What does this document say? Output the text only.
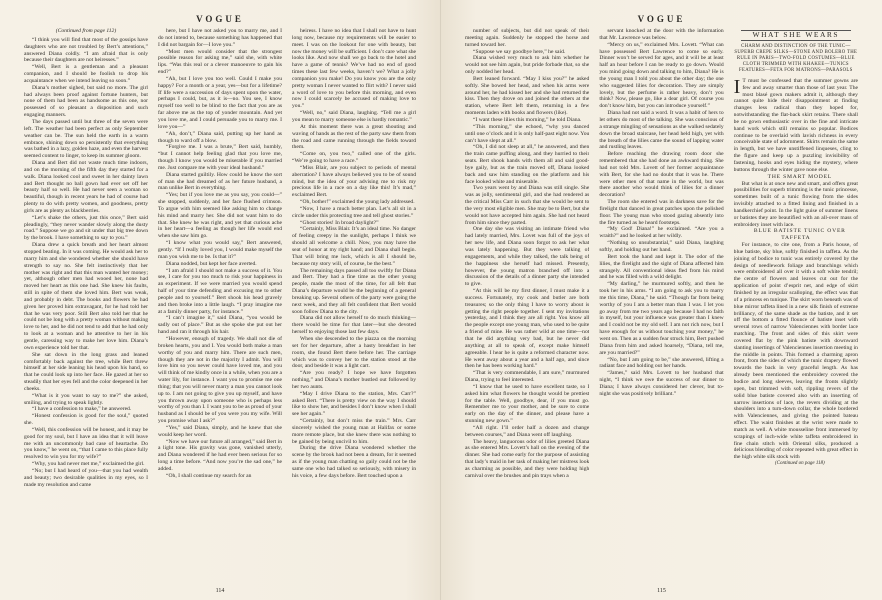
VOGUE

(Continued from page 112)

“I think you will find that most of the gossips have daughters who are not troubled by Bert’s attentions,” answered Diana coldly. “I am afraid that is only because their daughters are not heiresses.”

“Well, Bert is a gentleman and a pleasant companion, and I should be foolish to drop his acquaintance when we intend leaving so soon.”

Diana’s mother sighed, but said no more. The girl had always been proof against fortune hunters, but none of them had been as handsome as this one, nor possessed of so pleasant a disposition and such engaging manners.

The days passed until but three of the seven were left. The weather had been perfect as only September weather can be. The sun held the earth in a warm embrace, shining down so persistently that everything was bathed in a lazy, golden haze, and even the harvest seemed content to linger, to keep its summer gloom.

Diana and Bert did not waste much time indoors, and on the morning of the fifth day they started for a walk. Diana looked cool and sweet in her dainty lawn and Bert thought no ball gown had ever set off her beauty half so well. He had never seen a woman so beautiful, though in recent years he had of course had plenty to do with pretty women, and goodness, pretty girls are as plenty as blackberries.

“Let’s shake the others, just this once,” Bert said pleadingly, “they never wander slowly along the dusty road.” Suppose we go and sit under that big tree down by the brook. I have something to say to you.”

Diana drew a quick breath and her heart almost stopped beating. In it was coming. He would ask her to marry him and she wondered whether she should have strength to say no. She felt instinctively that her mother was right and that this man wanted her money; yet, although other men had wooed her, none had moved her heart as this one had. She knew his faults, still in spite of them she loved him. Bert was weak, and probably in debt. The books and flowers he had given her proved him extravagant, for he had told her that he was very poor. Still Bert also told her that he could not be long with a pretty woman without making love to her, and he did not tend to add that he had only to look at a woman and he attentive to her in his gentle, caressing way to make her love him. Diana’s own experience told her that.

She sat down in the long grass and leaned comfortably back against the tree, while Bert threw himself at her side leaning his head upon his hand, so that he could look up into her face. He gazed at her so steadily that her eyes fell and the color deepened in her cheeks.

“What is it you want to say to me?” she asked, smiling, and trying to speak lightly.

“I have a confession to make,” he answered.

“Honest confession is good for the soul,” quoted she.

“Well, this confession will be honest, and it may be good for my soul, but I have an idea that it will leave me with an uncommonly bad case of heartache. Do you know,” he went on, “that I came to this place fully resolved to win you for my wife?”

“Why, you had never met me,” exclaimed the girl.

“No; but I had heard of you—that you had wealth and beauty; two desirable qualities in my eyes, so I made my resolution and came

here, but I have not asked you to marry me, and I do not intend to, because something has happened that I did not bargain for—I love you.”

“Most men would consider that the strongest possible reason for asking me,” said she, with white lips. “Was this real or a clever manoeuvre to gain his end?”

“Ah, but I love you too well. Could I make you happy? For a month or a year, yes—but for a lifetime? If life were a succession of days spent upon the water, perhaps I could, but, as it is—no. You see, I know myself too well to be blind to the fact that you are as far above me as the top of yonder mountain. And yet you love me, and I could persuade you to marry me. I love you—”

“Ah, don’t,” Diana said, putting up her hand as though to ward off a blow.

“Forgive me. I was a brute,” Bert said, humbly, “but I cannot help feeling glad that you love me, though I know you would be miserable if you married me. Just compare me with your ideal husband.”

Diana started guiltily. How could he know the sort of man she had dreamed of as her future husband, a man unlike Bert in everything.

“Yes; but if you love me as you say, you could—” she stopped, suddenly, and her face flushed crimson. To argue with him seemed like asking him to change his mind and marry her. She did not want him to do that. She knew he was right, and yet that curious ache in her heart—a feeling as though her life would end when she saw him go.

“I know what you would say,” Bert answered, gently. “If I really loved you, I would make myself the man you wish me to be. Is that it?”

Diana nodded, but kept her face averted.

“I am afraid I should not make a success of it. You see, I care for you too much to risk your happiness in an experiment. If we were married you would spend half of your time defending and excusing me to other people and to yourself.” Bert shook his head gravely and then broke into a little laugh. “I pray imagine me at a family dinner party, for instance.”

“I can’t imagine it,” said Diana, “you would be sadly out of place.” But as she spoke she put out her hand and ran it through his hair.

“However, enough of tragedy. We shall not die of broken hearts, you and I. You would both make a man worthy of you and marry him. There are such men, though they are not in the majority I admit. You will love him so you never could have loved me, and you will think of me kindly once in a while, when you are a water lily, for instance. I want you to promise me one thing; that you will never marry a man you cannot look up to. I am not going to give you up myself, and have you thrown away upon someone who is perhaps less worthy of you than I. I want you to be as proud of your husband as I should be of you were you my wife. Will you promise what I ask?”

“Yes,” said Diana, simply, and he knew that she would keep her word.

“Now we have our future all arranged,” said Bert in a light tone. His gravity was gone, vanished utterly, and Diana wondered if he had ever been serious for so long a time before. “And now you’re the sad one,” he added.

“Oh, I shall continue my search for an

heiress. I have no idea that I shall not have to hunt long now, because my requirements will be easier to meet. I was on the lookout for one with beauty, but now the money will be sufficient. I don’t care what she looks like. And now shall we go back to the hotel and have a game of tennis? We’ve had no end of good times these last few weeks, haven’t we? What a jolly companion you make! Do you know you are the only pretty woman I never wanted to flirt with? I never said a word of love to you before this morning, and even now I could scarcely be accused of making love to you.”

“Well, no,” said Diana, laughing. “Tell me a girl you mean to marry someone else is hardly romantic.”

At this moment there was a great shouting and waving of hands as the rest of the party saw them from the road and came running through the fields toward them.

“Come on, you two,” called one of the girls. “We’re going to have a race.”

“Miss Blair, are you subject to periods of mental aberration? I have always believed you to be of sound mind, but the idea of your advising me to risk my precious life in a race on a day like this! It’s mad,” exclaimed Bert.

“Oh, bother!” exclaimed the young lady addressed.

“Now, I have a much better plan. Let’s all sit in a circle under this protecting tree and tell ghost stories.”

“Ghost stories! In broad daylight?”

“Certainly, Miss Blair. It’s an ideal time. No danger of feeling creepy in the sunlight, perhaps I think we should all welcome a chill. Now, you may have the seat of honor at my right hand; and Diana shall begin. That will bring me luck, which is all I should be, because my story will, of course, be the best.”

The remaining days passed all too swiftly for Diana and Bert. They had a fine time as the other young people, made the most of the time, for all felt that Diana’s departure would be the beginning of a general breaking up. Several others of the party were going the next week, and they all felt confident that Bert would soon follow Diana to the city.

Diana did not allow herself to do much thinking—there would be time for that later—but she devoted herself to enjoying those last few days.

When she descended to the piazza on the morning set for her departure, after a hasty breakfast in her room, she found Bert there before her. The carriage which was to convey her to the station stood at the door, and beside it was a light cart.

“Are you ready? I hope we have forgotten nothing,” and Diana’s mother bustled out followed by her two aunts.

“May I drive Diana to the station, Mrs. Carr?” asked Bert. “There is pretty view on the way I should like to show her, and besides I don’t know when I shall see her again.”

“Certainly, but don’t miss the train.” Mrs. Carr sincerely wished the young man at Halifax or some more remote place, but she knew there was nothing to be gained by being uncivil to him.

During the drive Diana wondered whether the scene by the brook had not been a dream, for it seemed as if the young man chatting so gaily could not be the same one who had talked so seriously, with misery in his voice, a few days before. Bert touched upon a

114
VOGUE

number of subjects, but did not speak of their meeting again. Suddenly he stopped the horse and turned toward her.

“Suppose we say goodbye here,” he said.

Diana wished very much to ask him whether he would not see him again, but pride forbade that, so she only nodded her head.

Bert leaned forward. “May I kiss you?” he asked softly. She bowed her head, and when his arms were around her, he had kissed her and she had returned the kiss. Then they drove on and joined the others at the station, where Bert left them, returning in a few moments laden with books and flowers (like).

“I want these lilies this morning,” he told Diana.

“This morning,” she echoed, “why you danced until one o’clock and it is only half-past eight now. You can’t have slept at all.”

“Oh, I did not sleep at all,” he answered, and then the train came puffing along, and they hurried to their seats. Bert shook hands with them all and said good-bye gaily, but as the train moved off, Diana looked back and saw him standing on the platform and his face looked white and miserable.

Two years went by and Diana was still single. She was as jolly, sentimental girl, and she had rendered as the critical Miss Carr in such that she would be sent to the very most eligible men. She may be to Bert, but she would not have accepted him again. She had not heard from him since they parted.

One day she was visiting an intimate friend who had lately married, Mrs. Lovet was full of the joys of her new life, and Diana soon forgot to ask her what was lately happening. But they were talking of engagements, and while they talked, the talk being of the happiness she herself had missed. Presently, however, the young matron branched off into a discussion of the details of a dinner party she intended to give.

“At this will be my first dinner, I must make it a success. Fortunately, my cook and butler are both treasures; so the only thing I have to worry about is getting the right people together. I sent my invitations yesterday, and I think they are all right. You know all the people except one young man, who used to be quite a friend of mine. He was rather wild at one time—not that he did anything very bad, but he never did anything at all to speak of, except make himself agreeable. I hear he is quite a reformed character now. He went away about a year and a half ago, and since then he has been working hard.”

“That is very commendable, I am sure,” murmured Diana, trying to feel interested.

“I know that he used to have excellent taste, so I asked him what flowers he thought would be prettiest for the table. Well, goodbye, dear, if you must go. Remember me to your mother, and be sure to come early on the day of the dinner, and please have a stunning new gown.”

“All right. I’ll order half a dozen and change between courses,” and Diana went off laughing.

The heavy, languorous odor of lilies greeted Diana as she entered Mrs. Lovett’s hall on the evening of the dinner. She had come early for the purpose of assisting that lady’s maid in her task of making her mistress look as charming as possible, and they were holding high carnival over the brushes and pin trays when a

servant knocked at the door with the information that Mr. Lawrence was below.

“Mercy on us,” exclaimed Mrs. Lovett. “What can have possessed Bert Lawrence to come so early. Dinner won’t be served for ages, and it will be at least half an hour before I can be ready to go down. Would you mind going down and talking to him, Diana? He is the young man I told you about the other day; the one who suggested lilies for decoration. They are simply lovely, but the perfume is rather heavy, don’t you think? Now, please go, like a dear girl. Of course you don’t know him, but you can introduce yourself.”

Diana had not said a word. It was a habit of hers to let others do most of the talking. She was conscious of a strange mingling of sensations as she walked sedately down the broad staircase, her head held high, yet with the breath of the lilies came the sound of lapping water and rustling leaves.

Before reaching the drawing room door she remembered that she had done an awkward thing. She had not told Mrs. Lovett of her former acquaintance with Bert, for she had no doubt that it was he. There were other men of that name in the world, but was there another who would think of lilies for a dinner decoration?

The room she entered was in darkness save for the firelight that danced in great patches upon the polished floor. The young man who stood gazing absently into the fire turned as he heard footsteps.

“My God! Diana!” he exclaimed. “Are you a wraith?” and he looked at her wildly.

“Nothing so unsubstantial,” said Diana, laughing softly, and holding out her hand.

Bert took the hand and kept it. The odor of the lilies, the firelight and the sight of Diana affected him strangely. All conventional ideas fled from his mind and he was filled with a wild delight.

“My darling,” he murmured softly, and then he took her in his arms. “I am going to ask you to marry me this time, Diana,” he said. “Though far from being worthy of you I am a better man than I was. I let you go away from me two years ago because I had no faith in myself, but your influence was greater than I knew and I could not be my old self. I am not rich now, but I have enough for us without touching your money,” he went on. Then as a sudden fear struck him, Bert pushed Diana from him and asked hoarsely, “Diana, tell me, are you married?”

“No, but I am going to be,” she answered, lifting a radiant face and holding out her hands.

“James,” said Mrs. Lovett to her husband that night, “I think we owe the success of our dinner to Diana; I have always considered her clever, but to-night she was positively brilliant.”

WHAT SHE WEARS
CHARM AND DISTINCTION OF THE TUNIC—SUPERB CREPE SILKS—STONE AND BOLERO THE RULE IN PARIS—TWO-FOLD COSTUMES—BLUE CLOTH TRIMMED WITH KHAKEE—TUNICS FEATURES—FETA FOR MATRONS—PARASOLS

I T must be confessed that the summer gowns are few and away smarter than those of last year. The most blasé gown makers admit it, although they cannot quite hide their disappointment at finding changes less radical than they hoped for, notwithstanding the flat-back skirt retains. There shall be no gown enthusiastic over in the fine and intricate hand work which still remains so popular. Bodices continue to be overlaid with lavish richness in every conceivable state of adornment. Skirts remain the same in length, but we have unstiffened linqueses, cling to the figure and keep up a puzzling invisibility of fastening, hooks and eyes hiding the mystery, where buttons through the winter gave none else.

THE SMART MODEL

But what is at once new and smart, and offers great possibilities for superb trimming is the tunic princesse, sometimes built of a tunic flowing from the sides invisibly attached to a fitted lining and finished in a handkerchief point. In the light guise of summer linens or batistes they are beautified with an all-over mass of embroidery inset with lace.

BLUE BATISTE TUNIC OVER TAFFETA

For instance, to cite one, from a Paris house, of blue batiste, sky blue, softly finished in taffeta. As the joining of bodice to tunic was entirely covered by the design of needlework foliage and branchings which were embroidered all over it with a soft white tendril; the centre of flowers and leaves cut out for the application of point d’esprit net, and edge of skirt finished by an irregular scalloping, the effect was that of a princess en tunique. The skirt worn beneath was of blue mirror taffeta lined in a new silk finish of extreme brilliancy, of the same shade as the batiste, and it set off the bottom a fitted flounce of batiste inset with several rows of narrow Valenciennes with border lace matching. The front and sides of this skirt were covered flat by the pink batiste with downward slanting insertings of Valenciennes insertion meeting in the middle in points. This formed a charming apron front, from the sides of which the tunic drapery flowed towards the back in very graceful length. As has already been mentioned the embroidery covered the bodice and long sleeves, leaving the fronts slightly open, but trimmed with soft, rippling revers of the solid blue batiste covered also with an inserting of narrow insertions of lace, the revers dividing at the shoulders into a turn-down collar, the whole bordered with Valenciennes, and giving the pointed bateau effect. The waist finishes at the wrist were made to match as well. A white mousseline front immersed by scrapings of inch-wide white taffeta embroidered in fine chain stitch with Oriental silks, produced a delicious blending of color repeated with great effect in the high white silk stock with

(Continued on page 118)

115
